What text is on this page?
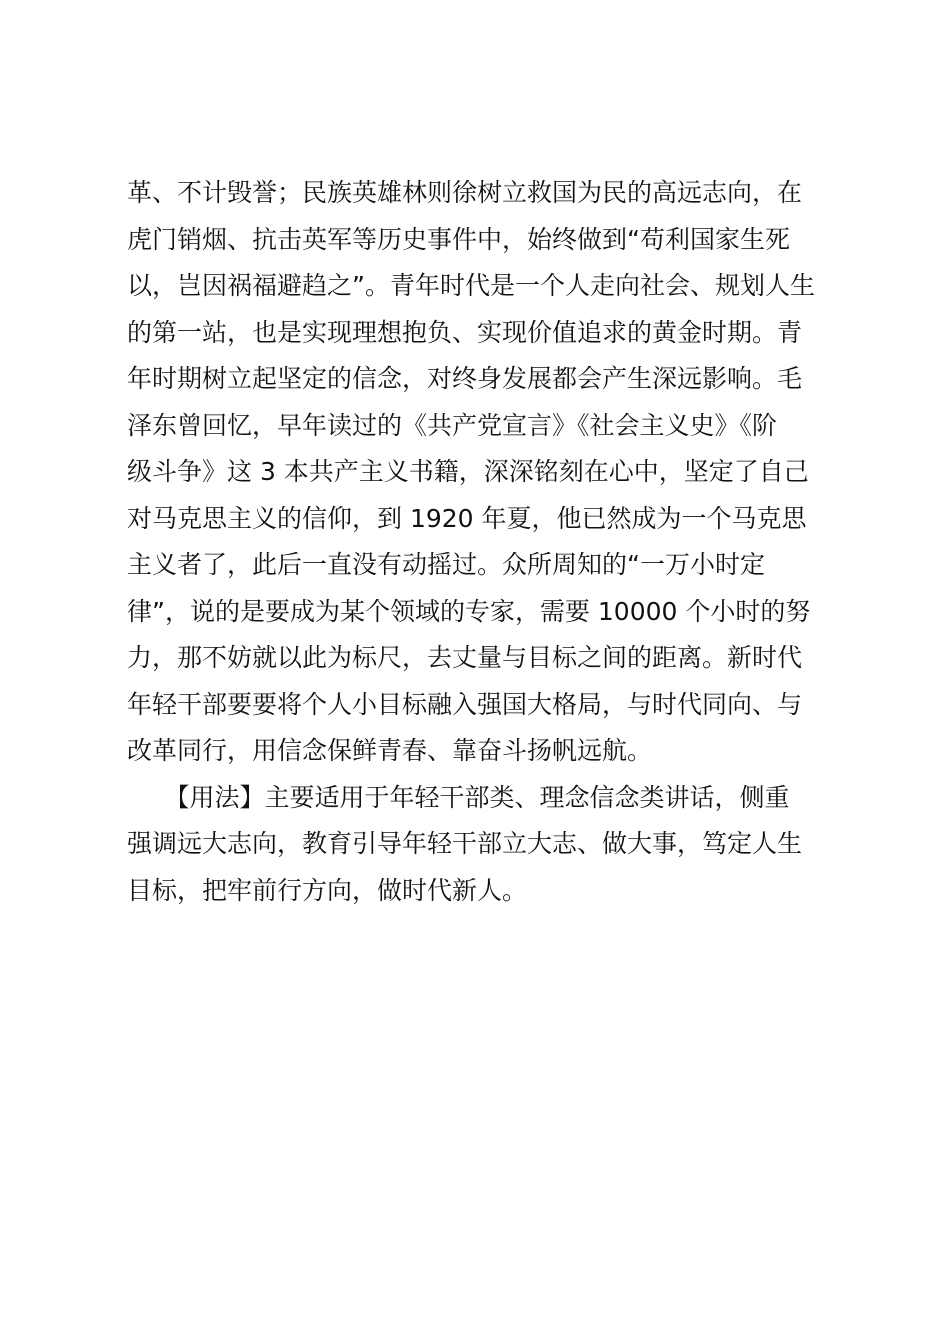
革、不计毁誉；民族英雄林则徐树立救国为民的高远志向，在
虎门销烟、抗击英军等历史事件中，始终做到“苟利国家生死
以，岂因祸福避趋之”。青年时代是一个人走向社会、规划人生
的第一站，也是实现理想抱负、实现价值追求的黄金时期。青
年时期树立起坚定的信念，对终身发展都会产生深远影响。毛
泽东曾回忆，早年读过的《共产党宣言》《社会主义史》《阶
级斗争》这 3 本共产主义书籍，深深铭刻在心中，坚定了自己
对马克思主义的信仰，到 1920 年夏，他已然成为一个马克思
主义者了，此后一直没有动摇过。众所周知的“一万小时定
律”，说的是要成为某个领域的专家，需要 10000 个小时的努
力，那不妨就以此为标尺，去丈量与目标之间的距离。新时代
年轻干部要要将个人小目标融入强国大格局，与时代同向、与
改革同行，用信念保鲜青春、靠奋斗扬帆远航。
　　【用法】主要适用于年轻干部类、理念信念类讲话，侧重
强调远大志向，教育引导年轻干部立大志、做大事，笃定人生
目标，把牢前行方向，做时代新人。
